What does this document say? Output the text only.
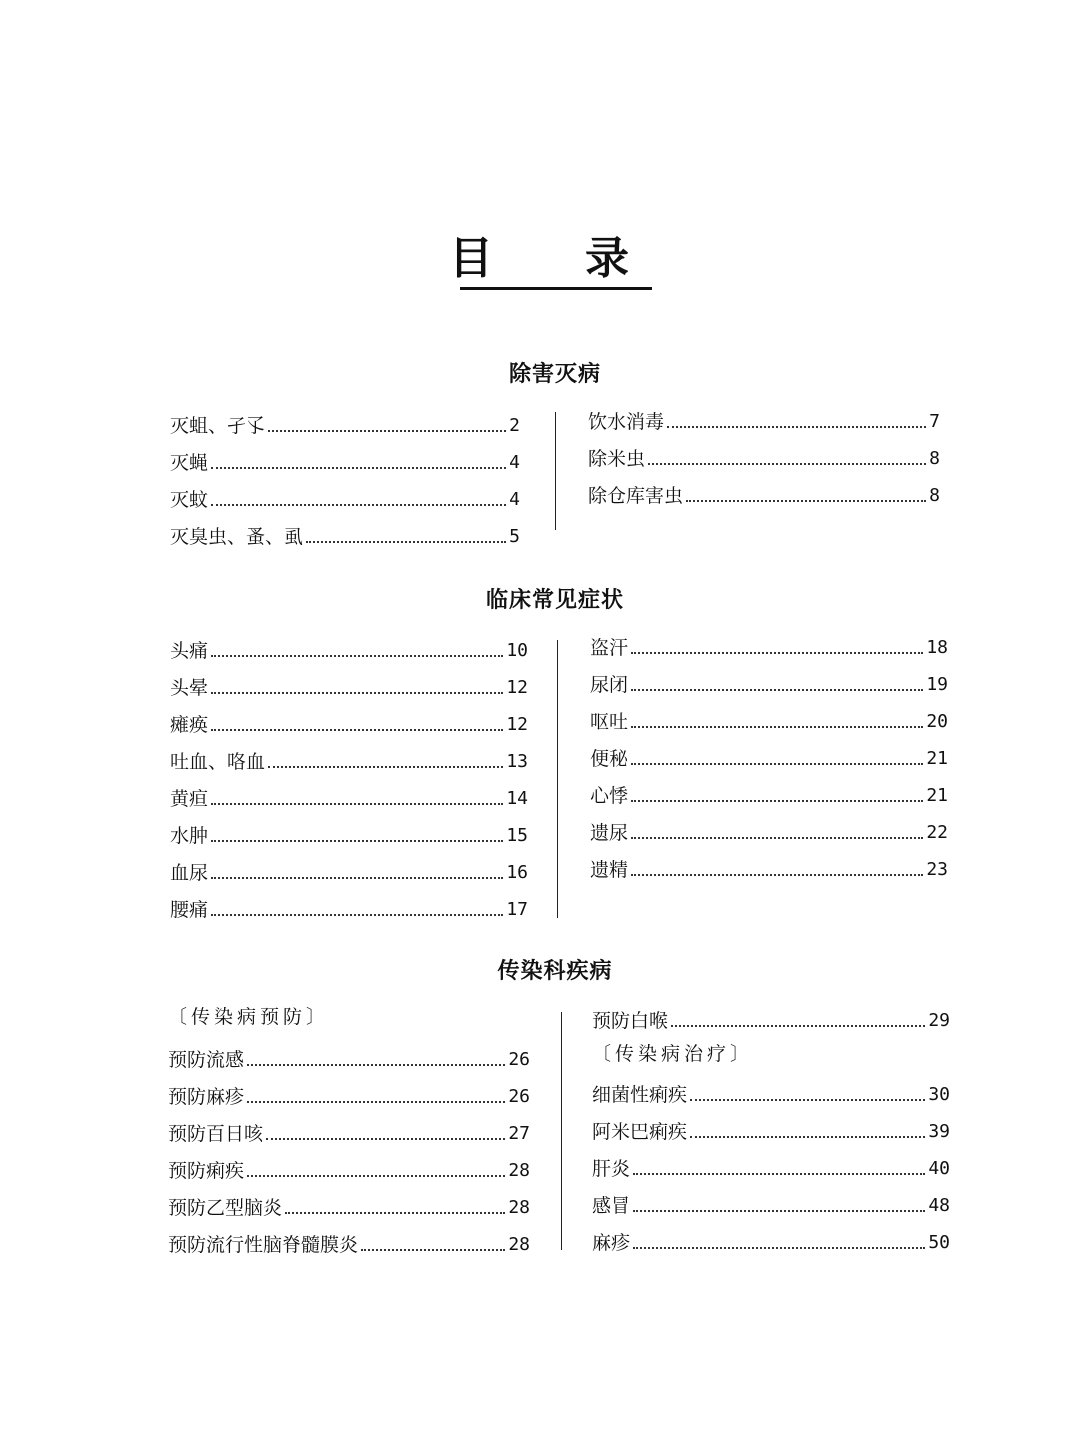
目 录
除害灭病
灭蛆、孑孓	2
灭蝇	4
灭蚊	4
灭臭虫、蚤、虱	5
饮水消毒	7
除米虫	8
除仓库害虫	8
临床常见症状
头痛	10
头晕	12
瘫痪	12
吐血、咯血	13
黄疸	14
水肿	15
血尿	16
腰痛	17
盗汗	18
尿闭	19
呕吐	20
便秘	21
心悸	21
遗尿	22
遗精	23
传染科疾病
〔传染病预防〕
预防流感	26
预防麻疹	26
预防百日咳	27
预防痢疾	28
预防乙型脑炎	28
预防流行性脑脊髓膜炎	28
预防白喉	29
〔传染病治疗〕
细菌性痢疾	30
阿米巴痢疾	39
肝炎	40
感冒	48
麻疹	50
